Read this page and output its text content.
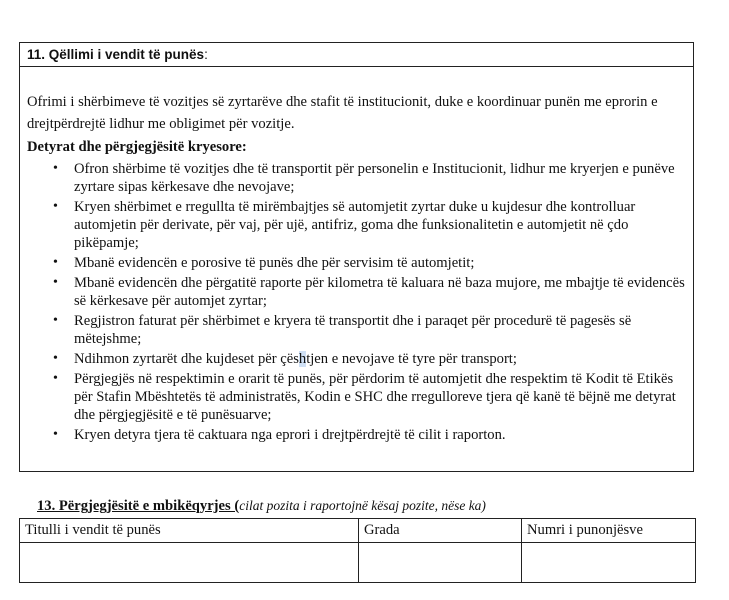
11. Qëllimi i vendit të punës:

Ofrimi i shërbimeve të vozitjes së zyrtarëve dhe stafit të institucionit, duke e koordinuar punën me eprorin e drejtpërdrejtë lidhur me obligimet për vozitje.

Detyrat dhe përgjegjësitë kryesore:

• Ofron shërbime të vozitjes dhe të transportit për personelin e Institucionit, lidhur me kryerjen e punëve zyrtare sipas kërkesave dhe nevojave;
• Kryen shërbimet e rregullta të mirëmbajtjes së automjetit zyrtar duke u kujdesur dhe kontrolluar automjetin për derivate, për vaj, për ujë, antifriz, goma dhe funksionalitetin e automjetit në çdo pikëpamje;
• Mbanë evidencën e porosive të punës dhe për servisim të automjetit;
• Mbanë evidencën dhe përgatitë raporte për kilometra të kaluara në baza mujore, me mbajtje të evidencës së kërkesave për automjet zyrtar;
• Regjistron faturat për shërbimet e kryera të transportit dhe i paraqet për procedurë të pagesës së mëtejshme;
• Ndihmon zyrtarët dhe kujdeset për çështjen e nevojave të tyre për transport;
• Përgjegjës në respektimin e orarit të punës, për përdorim të automjetit dhe respektim të Kodit të Etikës për Stafin Mbështetës të administratës, Kodin e SHC dhe rregulloreve tjera që kanë të bëjnë me detyrat dhe përgjegjësitë e të punësuarve;
• Kryen detyra tjera të caktuara nga eprori i drejtpërdrejtë të cilit i raporton.
13. Përgjegjësitë e mbikëqyrjes (cilat pozita i raportojnë kësaj pozite, nëse ka)
Titulli i vendit të punës	Grada	Numri i punonjësve
